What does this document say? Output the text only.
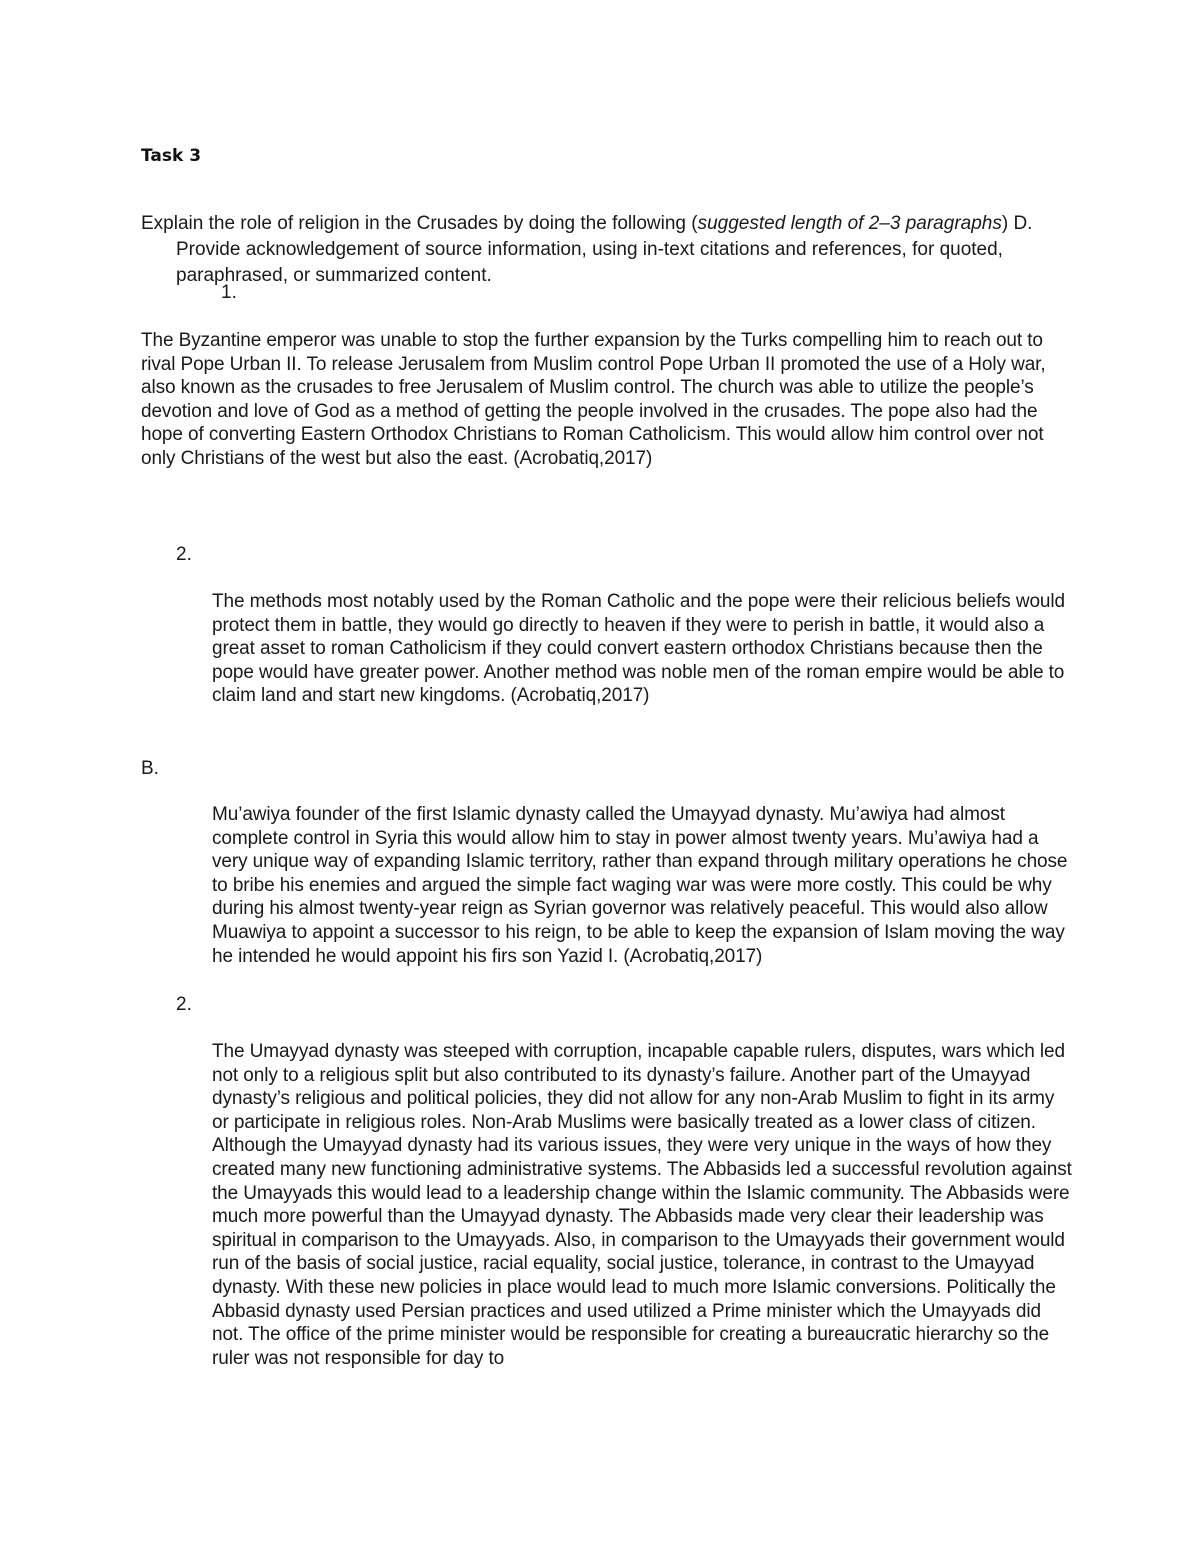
Task 3

Explain the role of religion in the Crusades by doing the following (suggested length of 2–3 paragraphs) D. Provide acknowledgement of source information, using in-text citations and references, for quoted, paraphrased, or summarized content.

1.

The Byzantine emperor was unable to stop the further expansion by the Turks compelling him to reach out to rival Pope Urban II. To release Jerusalem from Muslim control Pope Urban II promoted the use of a Holy war, also known as the crusades to free Jerusalem of Muslim control. The church was able to utilize the people’s devotion and love of God as a method of getting the people involved in the crusades. The pope also had the hope of converting Eastern Orthodox Christians to Roman Catholicism. This would allow him control over not only Christians of the west but also the east. (Acrobatiq,2017)

2.

The methods most notably used by the Roman Catholic and the pope were their relicious beliefs would protect them in battle, they would go directly to heaven if they were to perish in battle, it would also a great asset to roman Catholicism if they could convert eastern orthodox Christians because then the pope would have greater power. Another method was noble men of the roman empire would be able to claim land and start new kingdoms. (Acrobatiq,2017)

B.

Mu’awiya founder of the first Islamic dynasty called the Umayyad dynasty. Mu’awiya had almost complete control in Syria this would allow him to stay in power almost twenty years. Mu’awiya had a very unique way of expanding Islamic territory, rather than expand through military operations he chose to bribe his enemies and argued the simple fact waging war was were more costly. This could be why during his almost twenty-year reign as Syrian governor was relatively peaceful. This would also allow Muawiya to appoint a successor to his reign, to be able to keep the expansion of Islam moving the way he intended he would appoint his firs son Yazid I. (Acrobatiq,2017)

2.

The Umayyad dynasty was steeped with corruption, incapable capable rulers, disputes, wars which led not only to a religious split but also contributed to its dynasty’s failure. Another part of the Umayyad dynasty’s religious and political policies, they did not allow for any non-Arab Muslim to fight in its army or participate in religious roles. Non-Arab Muslims were basically treated as a lower class of citizen. Although the Umayyad dynasty had its various issues, they were very unique in the ways of how they created many new functioning administrative systems. The Abbasids led a successful revolution against the Umayyads this would lead to a leadership change within the Islamic community. The Abbasids were much more powerful than the Umayyad dynasty. The Abbasids made very clear their leadership was spiritual in comparison to the Umayyads. Also, in comparison to the Umayyads their government would run of the basis of social justice, racial equality, social justice, tolerance, in contrast to the Umayyad dynasty. With these new policies in place would lead to much more Islamic conversions. Politically the Abbasid dynasty used Persian practices and used utilized a Prime minister which the Umayyads did not. The office of the prime minister would be responsible for creating a bureaucratic hierarchy so the ruler was not responsible for day to
